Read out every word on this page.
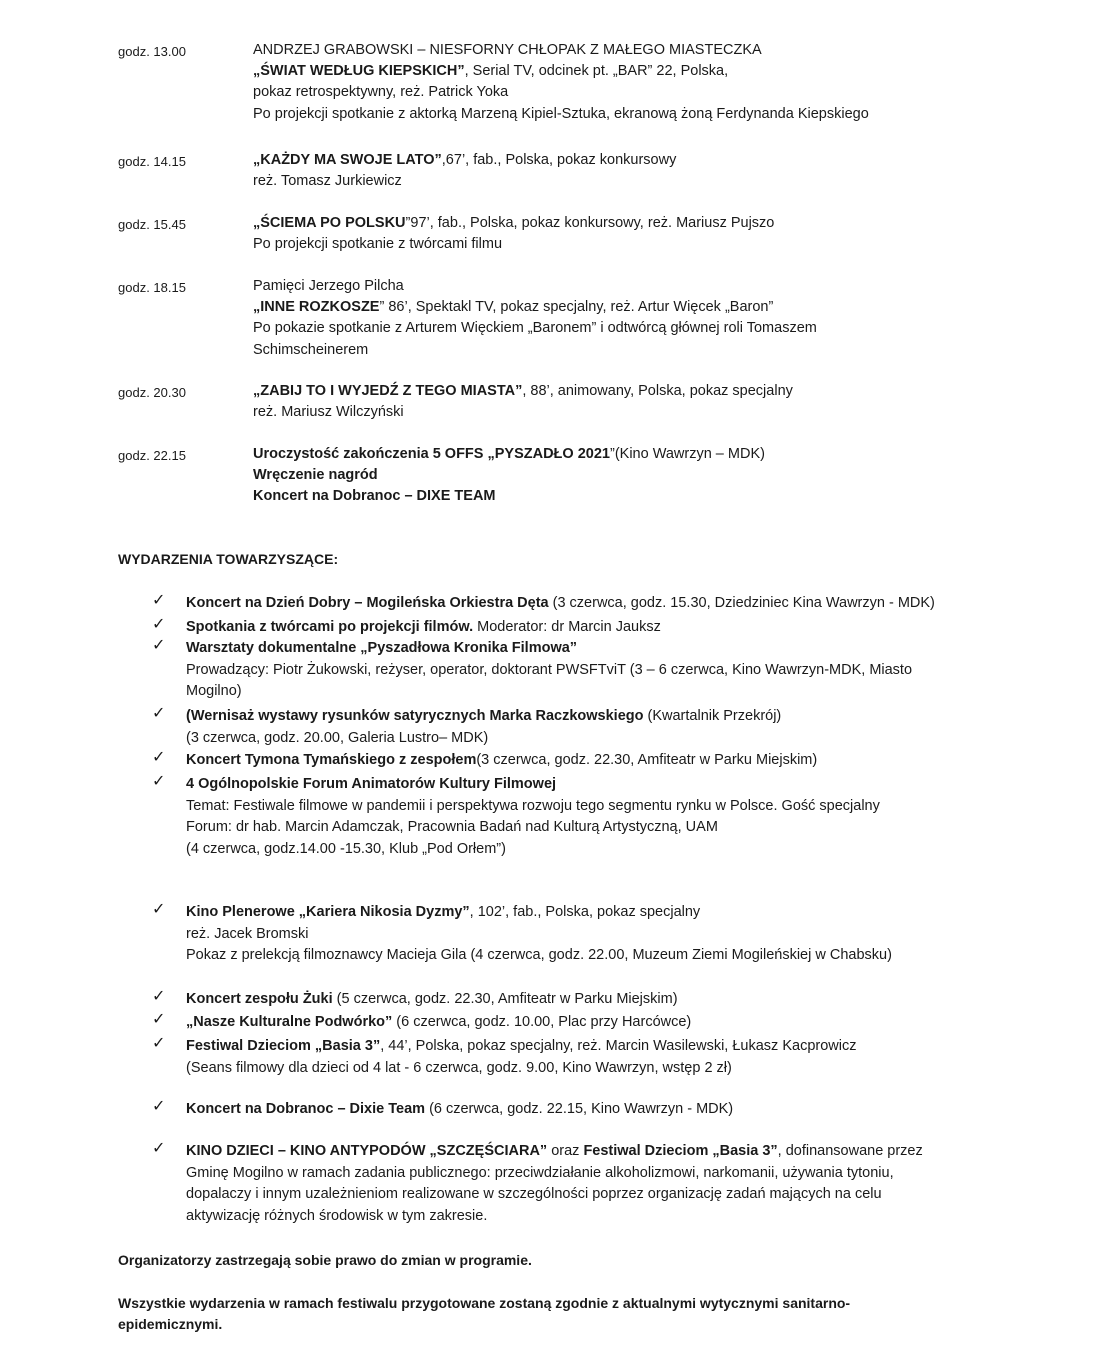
godz. 13.00	ANDRZEJ GRABOWSKI – NIESFORNY CHŁOPAK Z MAŁEGO MIASTECZKA
„ŚWIAT WEDŁUG KIEPSKICH”, Serial TV, odcinek pt. „BAR” 22, Polska,
pokaz retrospektywny, reż. Patrick Yoka
Po projekcji spotkanie z aktorką Marzeną Kipiel-Sztuka, ekranową żoną Ferdynanda Kiepskiego
godz. 14.15	„KAŻDY MA SWOJE LATO”,67’, fab., Polska, pokaz konkursowy
reż. Tomasz Jurkiewicz
godz. 15.45	„ŚCIEMA PO POLSKU”97’, fab., Polska, pokaz konkursowy, reż. Mariusz Pujszo
Po projekcji spotkanie z twórcami filmu
godz. 18.15	Pamięci Jerzego Pilcha
„INNE ROZKOSZE” 86’, Spektakl TV, pokaz specjalny, reż. Artur Więcek „Baron”
Po pokazie spotkanie z Arturem Więckiem „Baronem” i odtwórcą głównej roli Tomaszem
Schimscheinerem
godz. 20.30	„ZABIJ TO I WYJEDŹ Z TEGO MIASTA”, 88’, animowany, Polska, pokaz specjalny
reż. Mariusz Wilczyński
godz. 22.15	Uroczystość zakończenia 5 OFFS „PYSZADŁO 2021”(Kino Wawrzyn – MDK)
Wręczenie nagród
Koncert na Dobranoc – DIXE TEAM
WYDARZENIA TOWARZYSZĄCE:
✓ Koncert na Dzień Dobry – Mogileńska Orkiestra Dęta (3 czerwca, godz. 15.30, Dziedziniec Kina Wawrzyn - MDK)
✓ Spotkania z twórcami po projekcji filmów. Moderator: dr Marcin Jauksz
✓ Warsztaty dokumentalne „Pyszadłowa Kronika Filmowa”
Prowadzący: Piotr Żukowski, reżyser, operator, doktorant PWSFTviT (3 – 6 czerwca, Kino Wawrzyn-MDK, Miasto
Mogilno)
✓ (Wernisaż wystawy rysunków satyrycznych Marka Raczkowskiego (Kwartalnik Przekrój)
(3 czerwca, godz. 20.00, Galeria Lustro– MDK)
✓ Koncert Tymona Tymańskiego z zespołem(3 czerwca, godz. 22.30, Amfiteatr w Parku Miejskim)
✓ 4 Ogólnopolskie Forum Animatorów Kultury Filmowej
Temat: Festiwale filmowe w pandemii i perspektywa rozwoju tego segmentu rynku w Polsce. Gość specjalny
Forum: dr hab. Marcin Adamczak, Pracownia Badań nad Kulturą Artystyczną, UAM
(4 czerwca, godz.14.00 -15.30, Klub „Pod Orłem”)
✓ Kino Plenerowe „Kariera Nikosia Dyzmy”, 102’, fab., Polska, pokaz specjalny
reż. Jacek Bromski
Pokaz z prelekcją filmoznawcy Macieja Gila (4 czerwca, godz. 22.00, Muzeum Ziemi Mogileńskiej w Chabsku)
✓ Koncert zespołu Żuki (5 czerwca, godz. 22.30, Amfiteatr w Parku Miejskim)
✓ „Nasze Kulturalne Podwórko” (6 czerwca, godz. 10.00, Plac przy Harcówce)
✓ Festiwal Dzieciom „Basia 3”, 44’, Polska, pokaz specjalny, reż. Marcin Wasilewski, Łukasz Kacprowicz
(Seans filmowy dla dzieci od 4 lat - 6 czerwca, godz. 9.00, Kino Wawrzyn, wstęp 2 zł)
✓ Koncert na Dobranoc – Dixie Team (6 czerwca, godz. 22.15, Kino Wawrzyn - MDK)
✓ KINO DZIECI – KINO ANTYPODÓW „SZCZĘŚCIARA” oraz Festiwal Dzieciom „Basia 3”, dofinansowane przez
Gminę Mogilno w ramach zadania publicznego: przeciwdziałanie alkoholizmowi, narkomanii, używania tytoniu,
dopalaczy i innym uzależnieniom realizowane w szczególności poprzez organizację zadań mających na celu
aktywizację różnych środowisk w tym zakresie.
Organizatorzy zastrzegają sobie prawo do zmian w programie.
Wszystkie wydarzenia w ramach festiwalu przygotowane zostaną zgodnie z aktualnymi wytycznymi sanitarno-
epidemicznymi.
